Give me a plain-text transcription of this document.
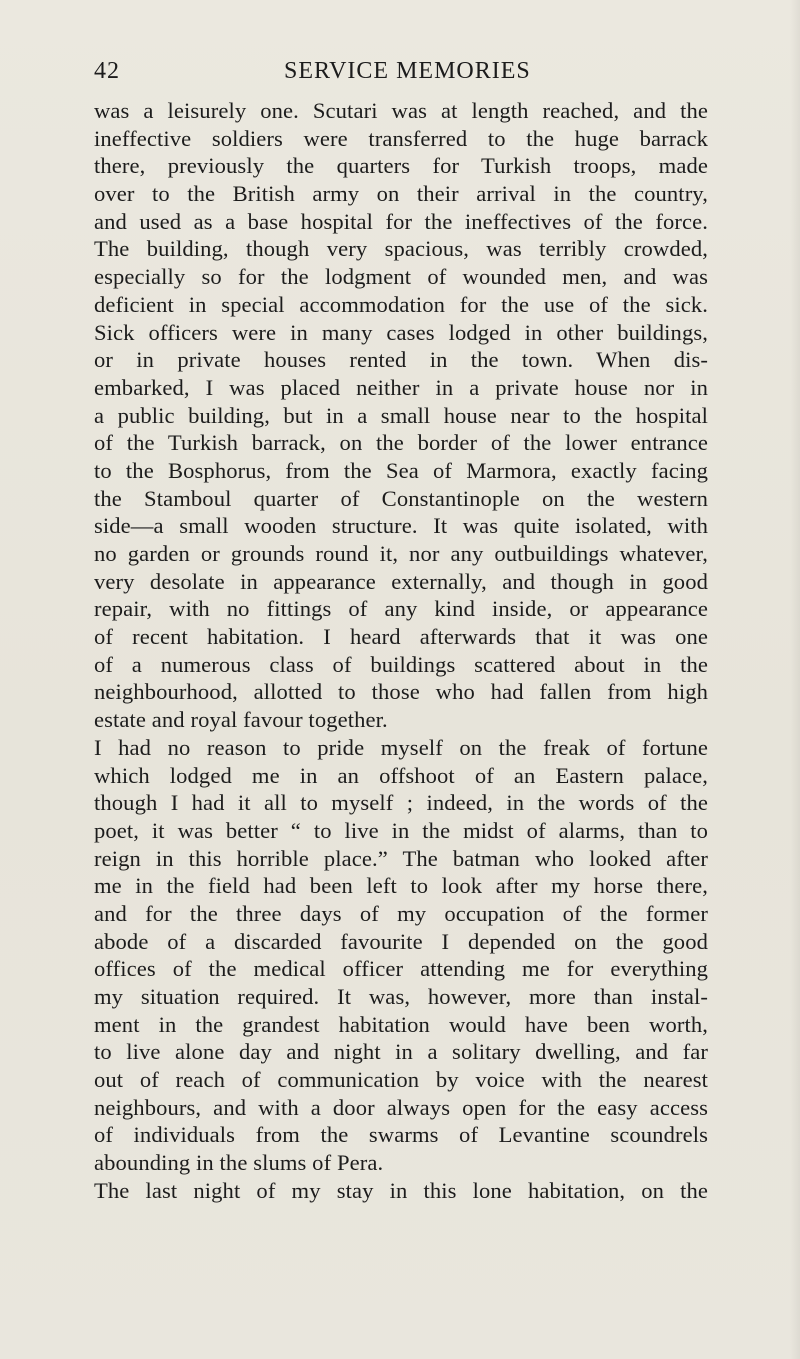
42	SERVICE MEMORIES
was a leisurely one. Scutari was at length reached, and the
ineffective soldiers were transferred to the huge barrack
there, previously the quarters for Turkish troops, made
over to the British army on their arrival in the country,
and used as a base hospital for the ineffectives of the force.
The building, though very spacious, was terribly crowded,
especially so for the lodgment of wounded men, and was
deficient in special accommodation for the use of the sick.
Sick officers were in many cases lodged in other buildings,
or in private houses rented in the town. When dis-
embarked, I was placed neither in a private house nor in
a public building, but in a small house near to the hospital
of the Turkish barrack, on the border of the lower entrance
to the Bosphorus, from the Sea of Marmora, exactly facing
the Stamboul quarter of Constantinople on the western
side—a small wooden structure. It was quite isolated, with
no garden or grounds round it, nor any outbuildings whatever,
very desolate in appearance externally, and though in good
repair, with no fittings of any kind inside, or appearance
of recent habitation. I heard afterwards that it was one
of a numerous class of buildings scattered about in the
neighbourhood, allotted to those who had fallen from high
estate and royal favour together.
I had no reason to pride myself on the freak of fortune
which lodged me in an offshoot of an Eastern palace,
though I had it all to myself ; indeed, in the words of the
poet, it was better “ to live in the midst of alarms, than to
reign in this horrible place.” The batman who looked after
me in the field had been left to look after my horse there,
and for the three days of my occupation of the former
abode of a discarded favourite I depended on the good
offices of the medical officer attending me for everything
my situation required. It was, however, more than instal-
ment in the grandest habitation would have been worth,
to live alone day and night in a solitary dwelling, and far
out of reach of communication by voice with the nearest
neighbours, and with a door always open for the easy access
of individuals from the swarms of Levantine scoundrels
abounding in the slums of Pera.
The last night of my stay in this lone habitation, on the
